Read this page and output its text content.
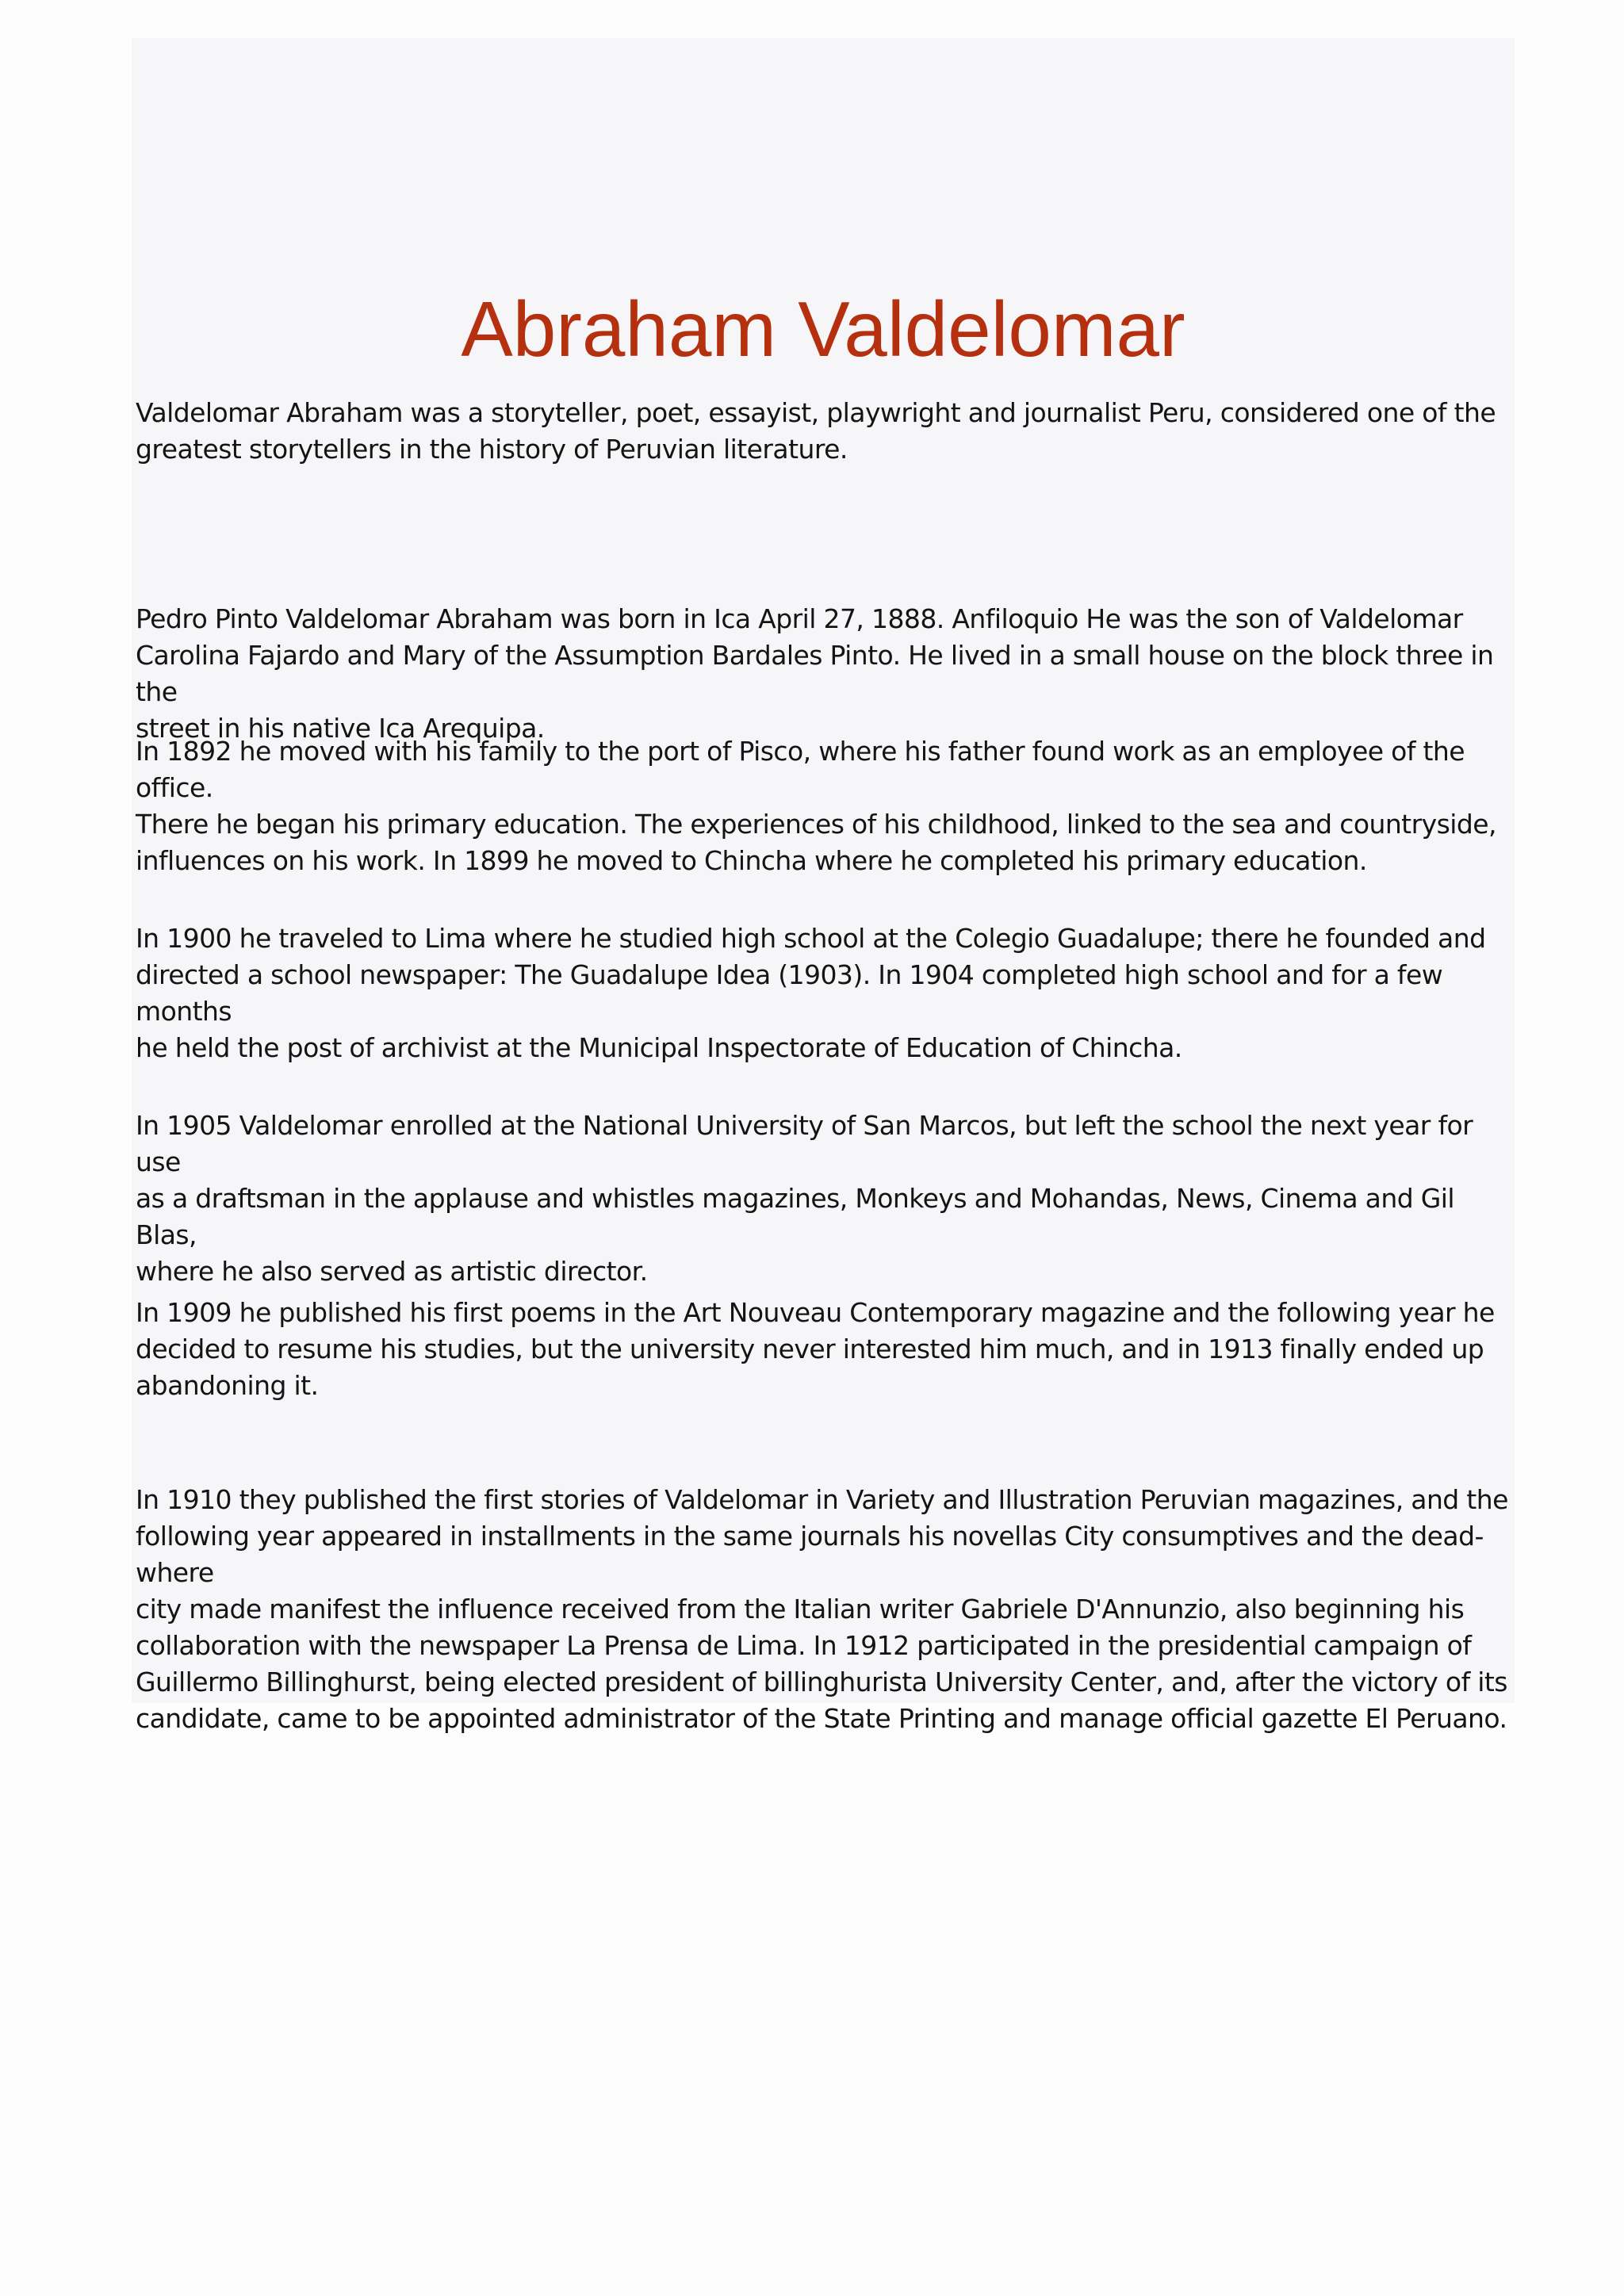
Abraham Valdelomar

Valdelomar Abraham was a storyteller, poet, essayist, playwright and journalist Peru, considered one of the
greatest storytellers in the history of Peruvian literature.

Pedro Pinto Valdelomar Abraham was born in Ica April 27, 1888. Anfiloquio He was the son of Valdelomar
Carolina Fajardo and Mary of the Assumption Bardales Pinto. He lived in a small house on the block three in the
street in his native Ica Arequipa.

In 1892 he moved with his family to the port of Pisco, where his father found work as an employee of the office.
There he began his primary education. The experiences of his childhood, linked to the sea and countryside,
influences on his work. In 1899 he moved to Chincha where he completed his primary education.

In 1900 he traveled to Lima where he studied high school at the Colegio Guadalupe; there he founded and
directed a school newspaper: The Guadalupe Idea (1903). In 1904 completed high school and for a few months
he held the post of archivist at the Municipal Inspectorate of Education of Chincha.

In 1905 Valdelomar enrolled at the National University of San Marcos, but left the school the next year for use
as a draftsman in the applause and whistles magazines, Monkeys and Mohandas, News, Cinema and Gil Blas,
where he also served as artistic director.

In 1909 he published his first poems in the Art Nouveau Contemporary magazine and the following year he
decided to resume his studies, but the university never interested him much, and in 1913 finally ended up
abandoning it.

In 1910 they published the first stories of Valdelomar in Variety and Illustration Peruvian magazines, and the
following year appeared in installments in the same journals his novellas City consumptives and the dead-where
city made manifest the influence received from the Italian writer Gabriele D'Annunzio, also beginning his
collaboration with the newspaper La Prensa de Lima. In 1912 participated in the presidential campaign of
Guillermo Billinghurst, being elected president of billinghurista University Center, and, after the victory of its
candidate, came to be appointed administrator of the State Printing and manage official gazette El Peruano.
